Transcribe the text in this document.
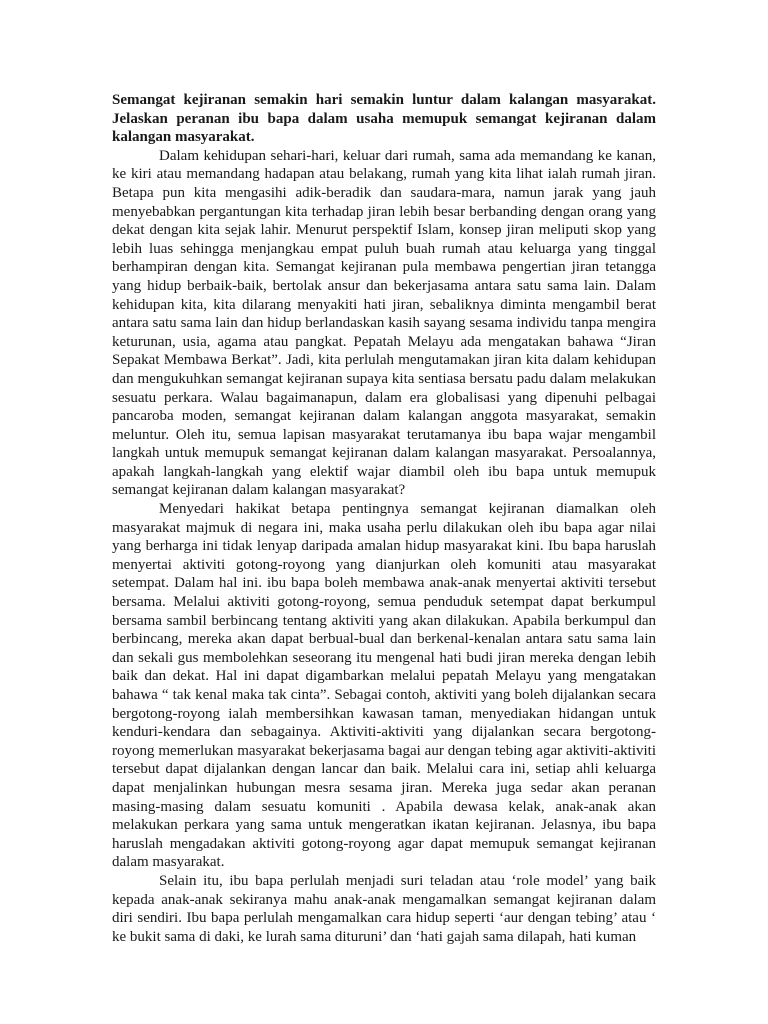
Semangat kejiranan semakin hari semakin luntur dalam kalangan masyarakat. Jelaskan peranan ibu bapa dalam usaha memupuk semangat kejiranan dalam kalangan masyarakat.

Dalam kehidupan sehari-hari, keluar dari rumah, sama ada memandang ke kanan, ke kiri atau memandang hadapan atau belakang, rumah yang kita lihat ialah rumah jiran. Betapa pun kita mengasihi adik-beradik dan saudara-mara, namun jarak yang jauh menyebabkan pergantungan kita terhadap jiran lebih besar berbanding dengan orang yang dekat dengan kita sejak lahir. Menurut perspektif Islam, konsep jiran meliputi skop yang lebih luas sehingga menjangkau empat puluh buah rumah atau keluarga yang tinggal berhampiran dengan kita. Semangat kejiranan pula membawa pengertian jiran tetangga yang hidup berbaik-baik, bertolak ansur dan bekerjasama antara satu sama lain. Dalam kehidupan kita, kita dilarang menyakiti hati jiran, sebaliknya diminta mengambil berat antara satu sama lain dan hidup berlandaskan kasih sayang sesama individu tanpa mengira keturunan, usia, agama atau pangkat. Pepatah Melayu ada mengatakan bahawa “Jiran Sepakat Membawa Berkat”. Jadi, kita perlulah mengutamakan jiran kita dalam kehidupan dan mengukuhkan semangat kejiranan supaya kita sentiasa bersatu padu dalam melakukan sesuatu perkara. Walau bagaimanapun, dalam era globalisasi yang dipenuhi pelbagai pancaroba moden, semangat kejiranan dalam kalangan anggota masyarakat, semakin meluntur. Oleh itu, semua lapisan masyarakat terutamanya ibu bapa wajar mengambil langkah untuk memupuk semangat kejiranan dalam kalangan masyarakat. Persoalannya, apakah langkah-langkah yang elektif wajar diambil oleh ibu bapa untuk memupuk semangat kejiranan dalam kalangan masyarakat?

Menyedari hakikat betapa pentingnya semangat kejiranan diamalkan oleh masyarakat majmuk di negara ini, maka usaha perlu dilakukan oleh ibu bapa agar nilai yang berharga ini tidak lenyap daripada amalan hidup masyarakat kini. Ibu bapa haruslah menyertai aktiviti gotong-royong yang dianjurkan oleh komuniti atau masyarakat setempat. Dalam hal ini. ibu bapa boleh membawa anak-anak menyertai aktiviti tersebut bersama. Melalui aktiviti gotong-royong, semua penduduk setempat dapat berkumpul bersama sambil berbincang tentang aktiviti yang akan dilakukan. Apabila berkumpul dan berbincang, mereka akan dapat berbual-bual dan berkenal-kenalan antara satu sama lain dan sekali gus membolehkan seseorang itu mengenal hati budi jiran mereka dengan lebih baik dan dekat. Hal ini dapat digambarkan melalui pepatah Melayu yang mengatakan bahawa “ tak kenal maka tak cinta”. Sebagai contoh, aktiviti yang boleh dijalankan secara bergotong-royong ialah membersihkan kawasan taman, menyediakan hidangan untuk kenduri-kendara dan sebagainya. Aktiviti-aktiviti yang dijalankan secara bergotong-royong memerlukan masyarakat bekerjasama bagai aur dengan tebing agar aktiviti-aktiviti tersebut dapat dijalankan dengan lancar dan baik. Melalui cara ini, setiap ahli keluarga dapat menjalinkan hubungan mesra sesama jiran. Mereka juga sedar akan peranan masing-masing dalam sesuatu komuniti . Apabila dewasa kelak, anak-anak akan melakukan perkara yang sama untuk mengeratkan ikatan kejiranan. Jelasnya, ibu bapa haruslah mengadakan aktiviti gotong-royong agar dapat memupuk semangat kejiranan dalam masyarakat.

Selain itu, ibu bapa perlulah menjadi suri teladan atau ‘role model’ yang baik kepada anak-anak sekiranya mahu anak-anak mengamalkan semangat kejiranan dalam diri sendiri. Ibu bapa perlulah mengamalkan cara hidup seperti ‘aur dengan tebing’ atau ‘ ke bukit sama di daki, ke lurah sama dituruni’ dan ‘hati gajah sama dilapah, hati kuman
